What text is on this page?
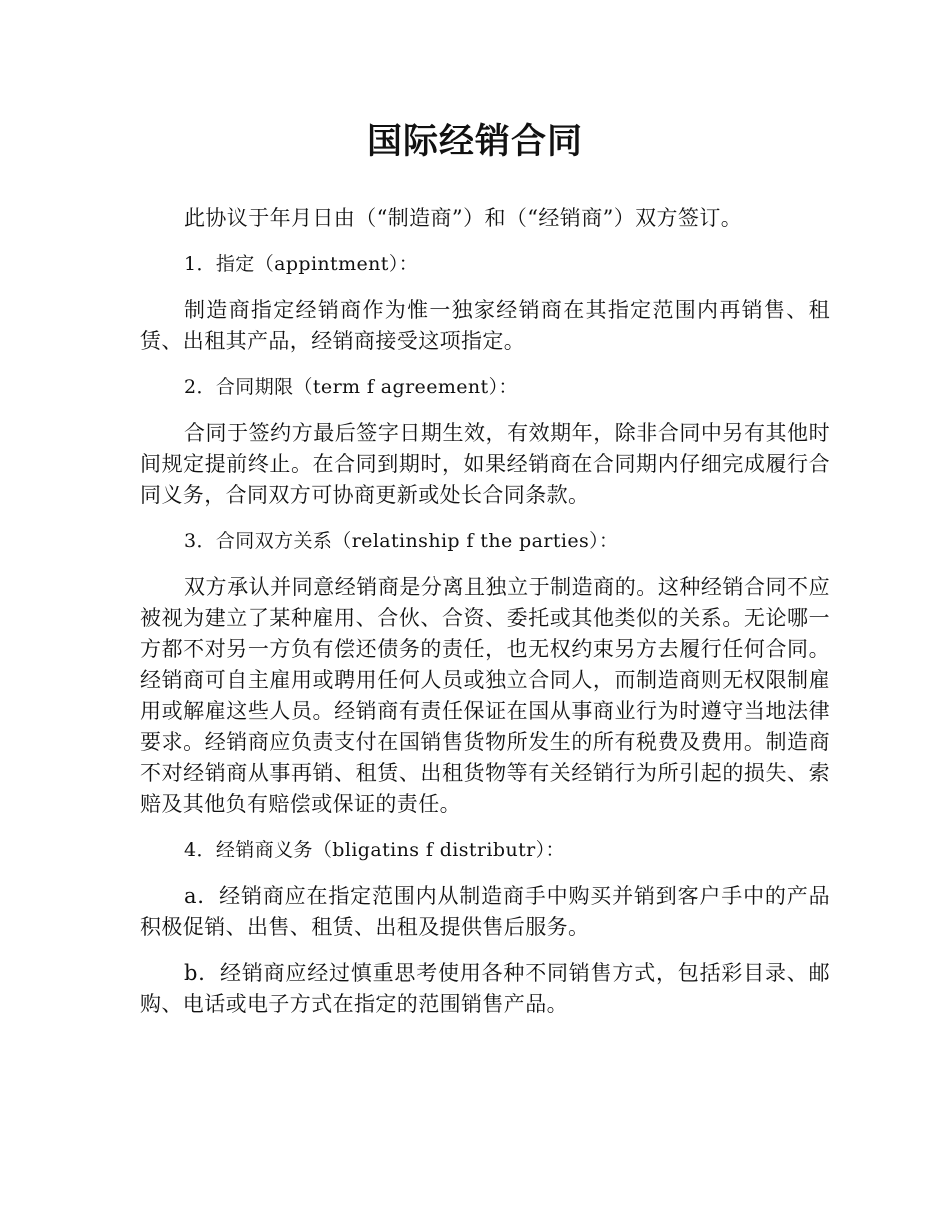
国际经销合同

此协议于年月日由（“制造商”）和（“经销商”）双方签订。

1．指定（appintment）：

制造商指定经销商作为惟一独家经销商在其指定范围内再销售、租赁、出租其产品，经销商接受这项指定。

2．合同期限（term f agreement）：

合同于签约方最后签字日期生效，有效期年，除非合同中另有其他时间规定提前终止。在合同到期时，如果经销商在合同期内仔细完成履行合同义务，合同双方可协商更新或处长合同条款。

3．合同双方关系（relatinship f the parties）：

双方承认并同意经销商是分离且独立于制造商的。这种经销合同不应被视为建立了某种雇用、合伙、合资、委托或其他类似的关系。无论哪一方都不对另一方负有偿还债务的责任，也无权约束另方去履行任何合同。经销商可自主雇用或聘用任何人员或独立合同人，而制造商则无权限制雇用或解雇这些人员。经销商有责任保证在国从事商业行为时遵守当地法律要求。经销商应负责支付在国销售货物所发生的所有税费及费用。制造商不对经销商从事再销、租赁、出租货物等有关经销行为所引起的损失、索赔及其他负有赔偿或保证的责任。

4．经销商义务（bligatins f distributr）：

a．经销商应在指定范围内从制造商手中购买并销到客户手中的产品积极促销、出售、租赁、出租及提供售后服务。

b．经销商应经过慎重思考使用各种不同销售方式，包括彩目录、邮购、电话或电子方式在指定的范围销售产品。
